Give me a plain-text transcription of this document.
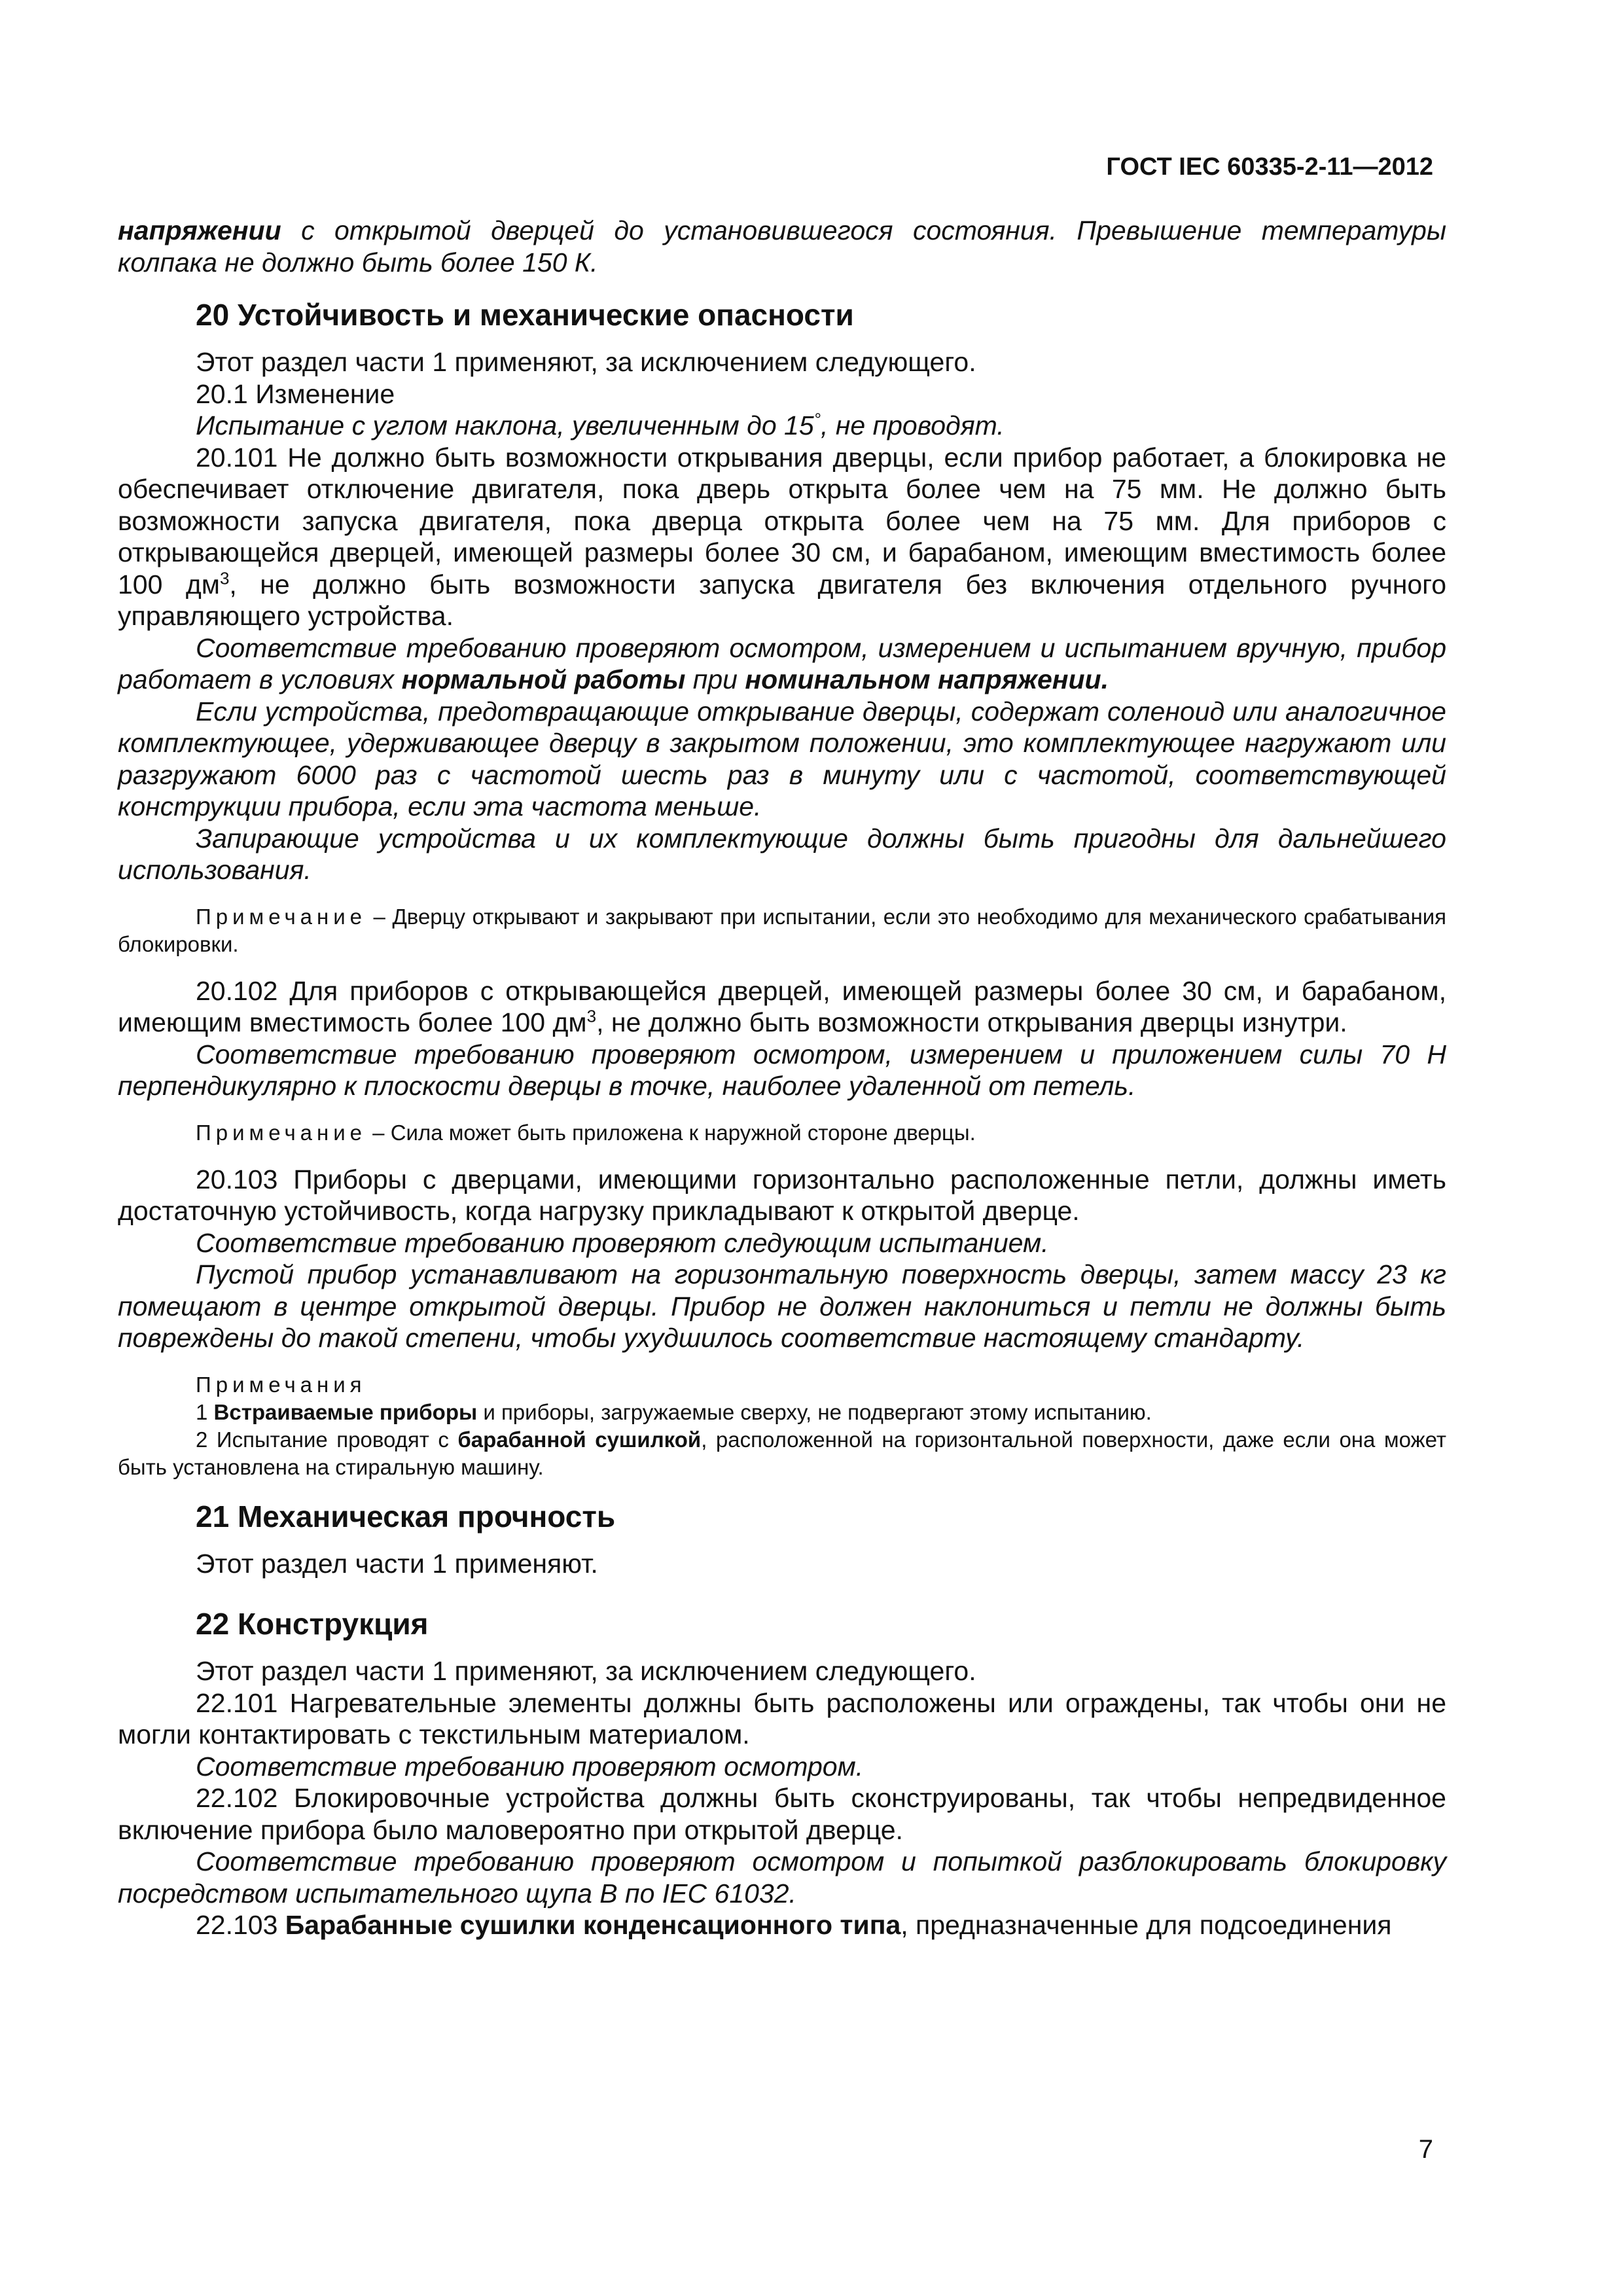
ГОСТ IEC 60335-2-11—2012

напряжении с открытой дверцей до установившегося состояния. Превышение температуры колпака не должно быть более 150 К.

20 Устойчивость и механические опасности

Этот раздел части 1 применяют, за исключением следующего.

20.1 Изменение

Испытание с углом наклона, увеличенным до 15°, не проводят.

20.101 Не должно быть возможности открывания дверцы, если прибор работает, а блокировка не обеспечивает отключение двигателя, пока дверь открыта более чем на 75 мм. Не должно быть возможности запуска двигателя, пока дверца открыта более чем на 75 мм. Для приборов с открывающейся дверцей, имеющей размеры более 30 см, и барабаном, имеющим вместимость более 100 $дм^3$, не должно быть возможности запуска двигателя без включения отдельного ручного управляющего устройства.

Соответствие требованию проверяют осмотром, измерением и испытанием вручную, прибор работает в условиях нормальной работы при номинальном напряжении.

Если устройства, предотвращающие открывание дверцы, содержат соленоид или аналогичное комплектующее, удерживающее дверцу в закрытом положении, это комплектующее нагружают или разгружают 6000 раз с частотой шесть раз в минуту или с частотой, соответствующей конструкции прибора, если эта частота меньше.

Запирающие устройства и их комплектующие должны быть пригодны для дальнейшего использования.

Примечание – Дверцу открывают и закрывают при испытании, если это необходимо для механического срабатывания блокировки.

20.102 Для приборов с открывающейся дверцей, имеющей размеры более 30 см, и барабаном, имеющим вместимость более 100 $дм^3$, не должно быть возможности открывания дверцы изнутри.

Соответствие требованию проверяют осмотром, измерением и приложением силы 70 Н перпендикулярно к плоскости дверцы в точке, наиболее удаленной от петель.

Примечание – Сила может быть приложена к наружной стороне дверцы.

20.103 Приборы с дверцами, имеющими горизонтально расположенные петли, должны иметь достаточную устойчивость, когда нагрузку прикладывают к открытой дверце.

Соответствие требованию проверяют следующим испытанием.

Пустой прибор устанавливают на горизонтальную поверхность дверцы, затем массу 23 кг помещают в центре открытой дверцы. Прибор не должен наклониться и петли не должны быть повреждены до такой степени, чтобы ухудшилось соответствие настоящему стандарту.

Примечания

1 Встраиваемые приборы и приборы, загружаемые сверху, не подвергают этому испытанию.

2 Испытание проводят с барабанной сушилкой, расположенной на горизонтальной поверхности, даже если она может быть установлена на стиральную машину.

21 Механическая прочность

Этот раздел части 1 применяют.

22 Конструкция

Этот раздел части 1 применяют, за исключением следующего.

22.101 Нагревательные элементы должны быть расположены или ограждены, так чтобы они не могли контактировать с текстильным материалом.

Соответствие требованию проверяют осмотром.

22.102 Блокировочные устройства должны быть сконструированы, так чтобы непредвиденное включение прибора было маловероятно при открытой дверце.

Соответствие требованию проверяют осмотром и попыткой разблокировать блокировку посредством испытательного щупа В по IEC 61032.

22.103 Барабанные сушилки конденсационного типа, предназначенные для подсоединения

7
